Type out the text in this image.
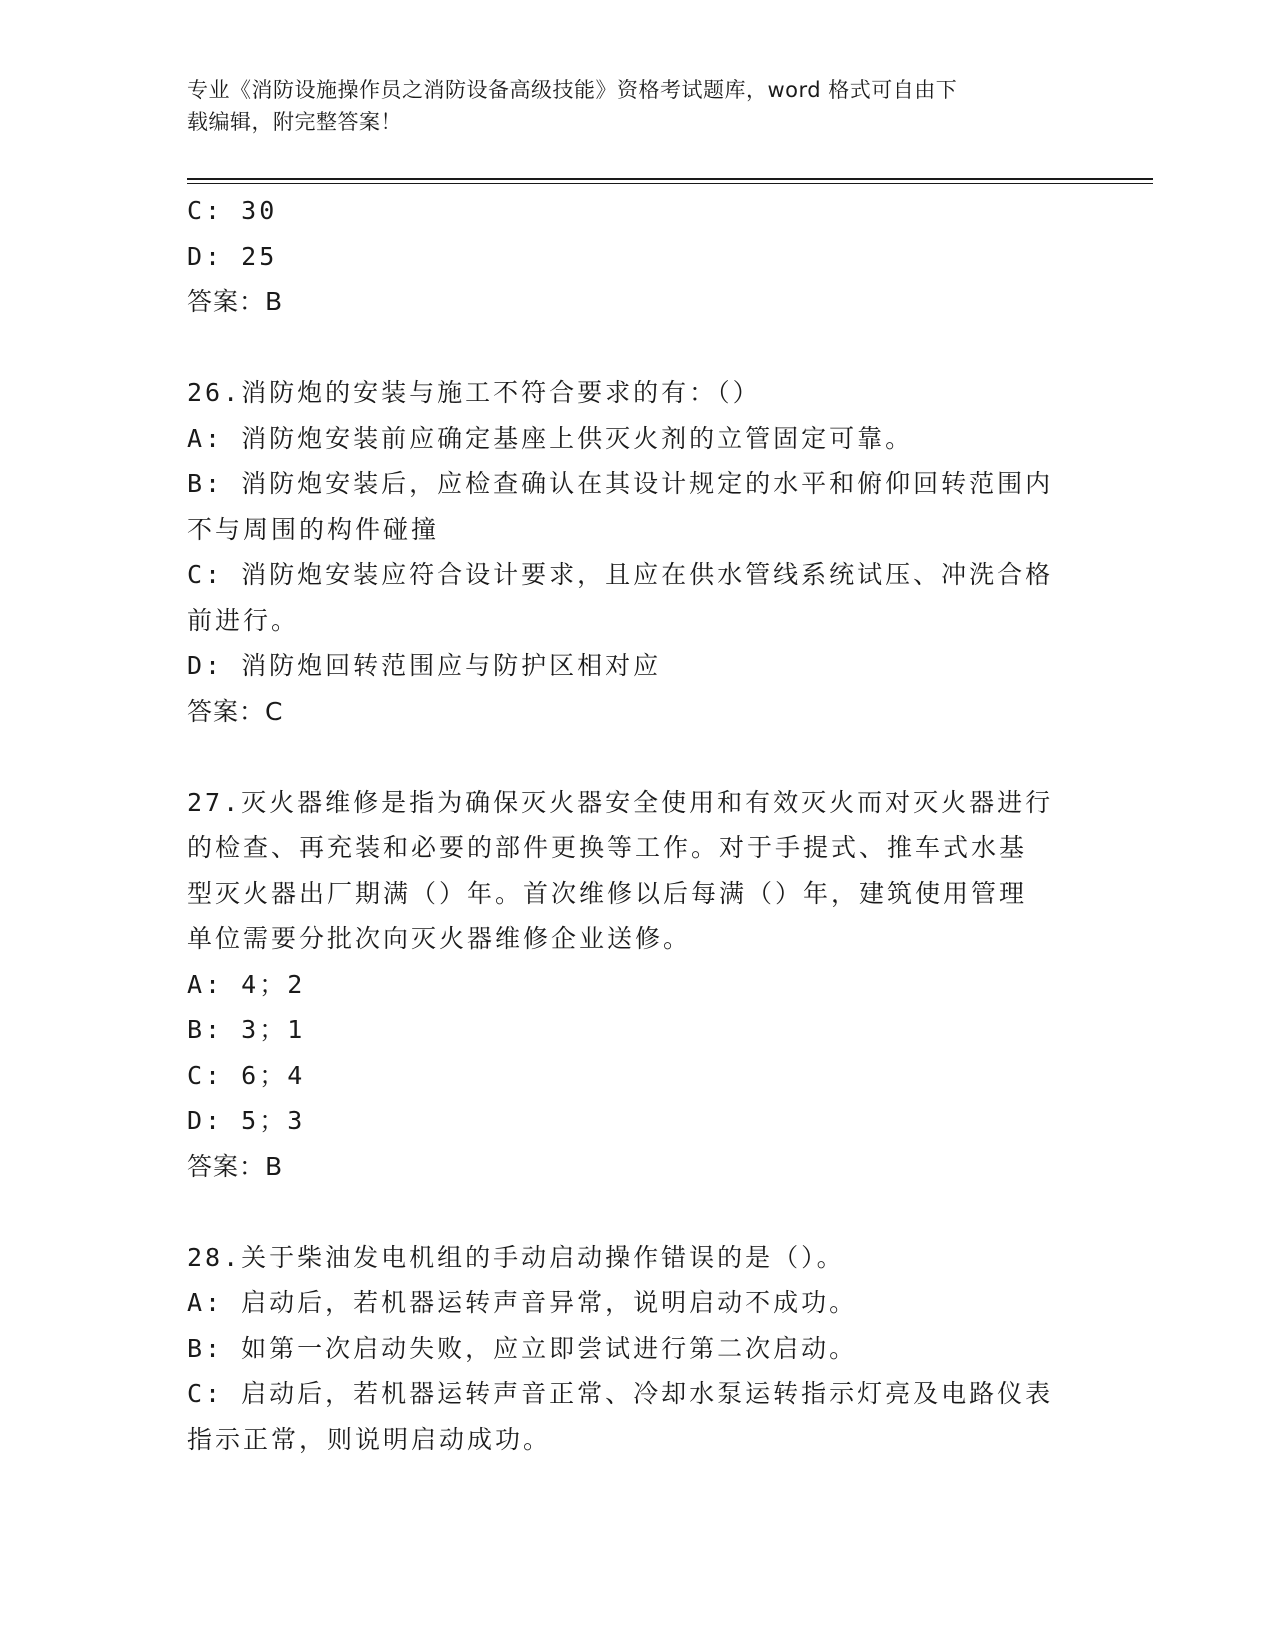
专业《消防设施操作员之消防设备高级技能》资格考试题库，word 格式可自由下
载编辑，附完整答案！
C: 30
D: 25
答案：B
26.消防炮的安装与施工不符合要求的有：（）
A: 消防炮安装前应确定基座上供灭火剂的立管固定可靠。
B: 消防炮安装后，应检查确认在其设计规定的水平和俯仰回转范围内
不与周围的构件碰撞
C: 消防炮安装应符合设计要求，且应在供水管线系统试压、冲洗合格
前进行。
D: 消防炮回转范围应与防护区相对应
答案：C
27.灭火器维修是指为确保灭火器安全使用和有效灭火而对灭火器进行
的检查、再充装和必要的部件更换等工作。对于手提式、推车式水基
型灭火器出厂期满（）年。首次维修以后每满（）年，建筑使用管理
单位需要分批次向灭火器维修企业送修。
A: 4；2
B: 3；1
C: 6；4
D: 5；3
答案：B
28.关于柴油发电机组的手动启动操作错误的是（）。
A: 启动后，若机器运转声音异常，说明启动不成功。
B: 如第一次启动失败，应立即尝试进行第二次启动。
C: 启动后，若机器运转声音正常、冷却水泵运转指示灯亮及电路仪表
指示正常，则说明启动成功。
